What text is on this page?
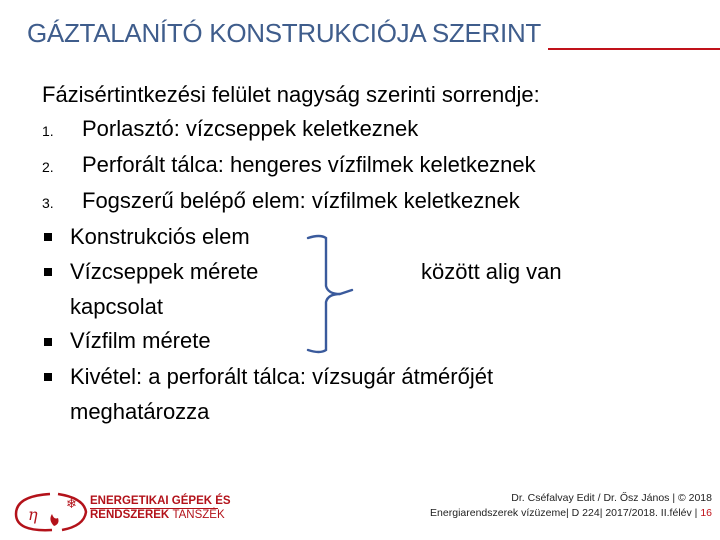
GÁZTALANÍTÓ KONSTRUKCIÓJA SZERINT
Fázisértintkezési felület nagyság szerinti sorrendje:
1. Porlasztó: vízcseppek keletkeznek
2. Perforált tálca: hengeres vízfilmek keletkeznek
3. Fogszerű belépő elem: vízfilmek keletkeznek
Konstrukciós elem
Vízcseppek mérete	között alig van
kapcsolat
Vízfilm mérete
Kivétel: a perforált tálca: vízsugár átmérőjét
meghatározza
η
❄ ENERGETIKAI GÉPEK ÉS
RENDSZEREK TANSZÉK
Dr. Cséfalvay Edit / Dr. Ősz János | © 2018
Energiarendszerek vízüzeme| D 224| 2017/2018. II.félév | 16
